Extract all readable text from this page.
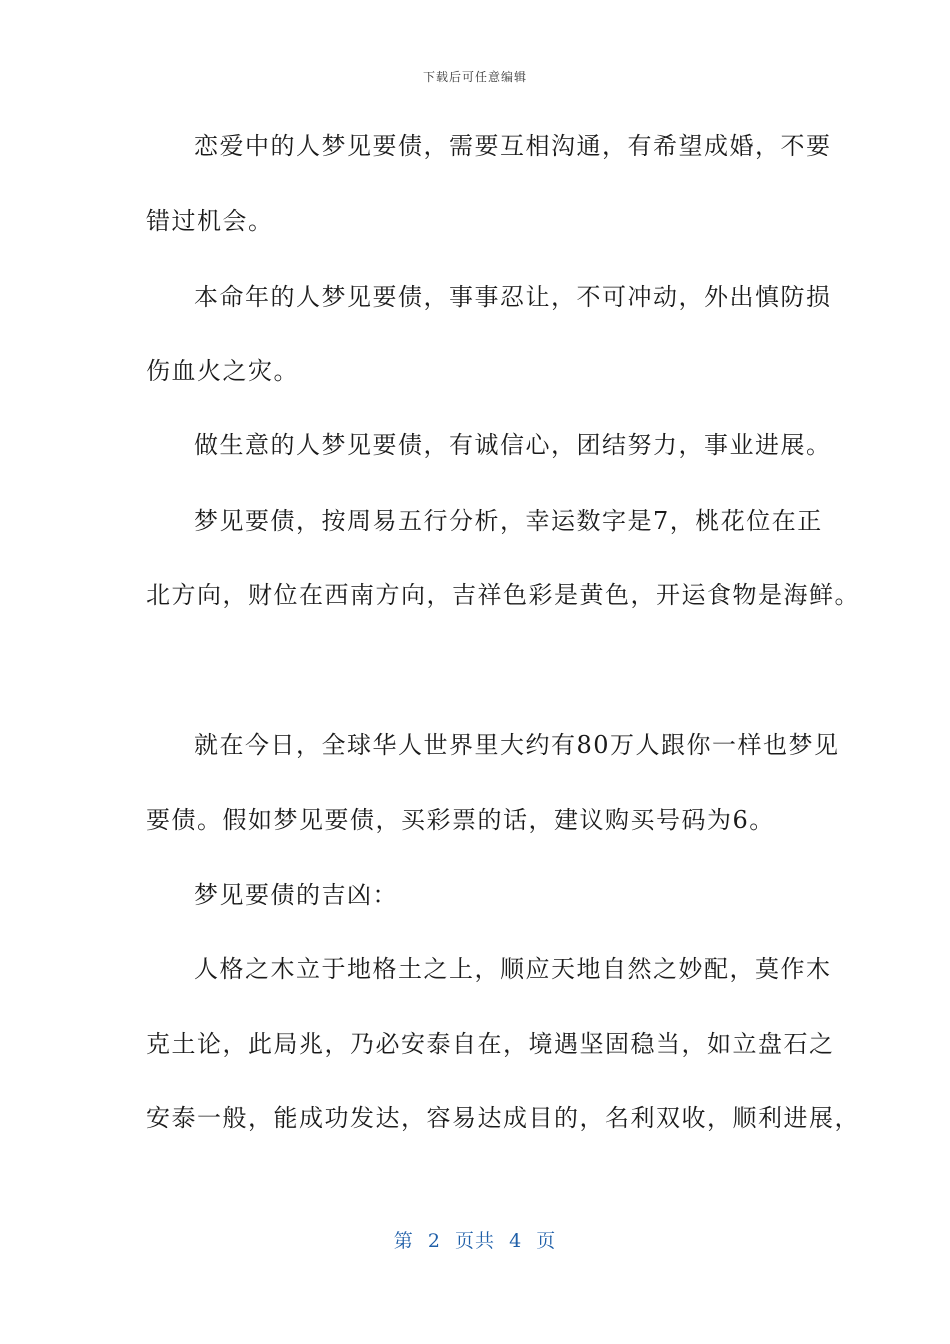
下载后可任意编辑
恋爱中的人梦见要债，需要互相沟通，有希望成婚，不要
错过机会。
本命年的人梦见要债，事事忍让，不可冲动，外出慎防损
伤血火之灾。
做生意的人梦见要债，有诚信心，团结努力，事业进展。
梦见要债，按周易五行分析，幸运数字是7，桃花位在正
北方向，财位在西南方向，吉祥色彩是黄色，开运食物是海鲜。
就在今日，全球华人世界里大约有80万人跟你一样也梦见
要债。假如梦见要债，买彩票的话，建议购买号码为6。
梦见要债的吉凶：
人格之木立于地格土之上，顺应天地自然之妙配，莫作木
克土论，此局兆，乃必安泰自在，境遇坚固稳当，如立盘石之
安泰一般，能成功发达，容易达成目的，名利双收，顺利进展，
第  2  页共  4  页
